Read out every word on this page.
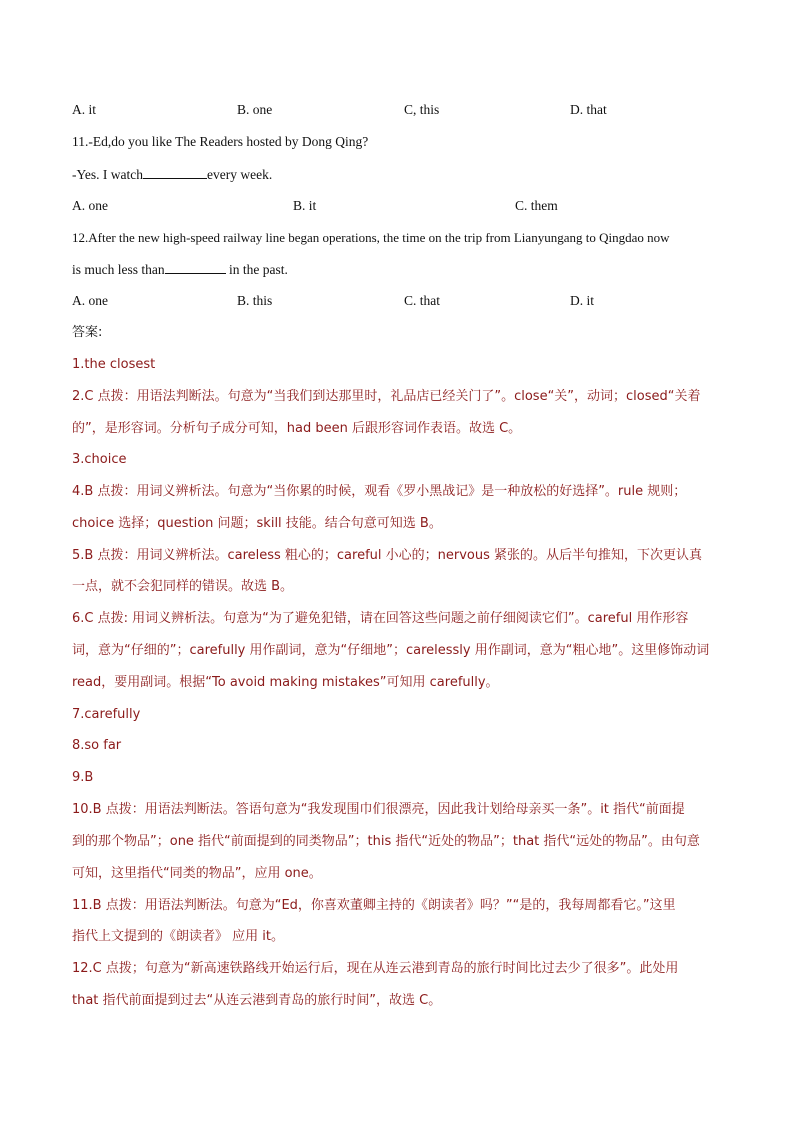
A. it	B. one	C, this	D. that
11.-Ed,do you like The Readers hosted by Dong Qing?
-Yes. I watch	every week.
A. one	B. it	C. them
12.After the new high-speed railway line began operations, the time on the trip from Lianyungang to Qingdao now
is much less than	in the past.
A. one	B. this	C. that	D. it
答案:
1.the closest
2.C 点拨：用语法判断法。句意为“当我们到达那里时，礼品店已经关门了”。close“关”，动词；closed“关着
的”，是形容词。分析句子成分可知，had been 后跟形容词作表语。故选 C。
3.choice
4.B 点拨：用词义辨析法。句意为“当你累的时候，观看《罗小黑战记》是一种放松的好选择”。rule 规则；
choice 选择；question 问题；skill 技能。结合句意可知选 B。
5.B 点拨：用词义辨析法。careless 粗心的；careful 小心的；nervous 紧张的。从后半句推知，下次更认真
一点，就不会犯同样的错误。故选 B。
6.C 点拨: 用词义辨析法。句意为“为了避免犯错，请在回答这些问题之前仔细阅读它们”。careful 用作形容
词，意为“仔细的”；carefully 用作副词，意为“仔细地”；carelessly 用作副词，意为“粗心地”。这里修饰动词
read，要用副词。根据“To avoid making mistakes”可知用 carefully。
7.carefully
8.so far
9.B
10.B 点拨：用语法判断法。答语句意为“我发现围巾们很漂亮，因此我计划给母亲买一条”。it 指代“前面提
到的那个物品”；one 指代“前面提到的同类物品”；this 指代“近处的物品”；that 指代“远处的物品”。由句意
可知，这里指代“同类的物品”，应用 one。
11.B 点拨：用语法判断法。句意为“Ed，你喜欢董卿主持的《朗读者》吗？”“是的，我每周都看它。”这里
指代上文提到的《朗读者》 应用 it。
12.C 点拨；句意为“新高速铁路线开始运行后，现在从连云港到青岛的旅行时间比过去少了很多”。此处用
that 指代前面提到过去“从连云港到青岛的旅行时间”，故选 C。
